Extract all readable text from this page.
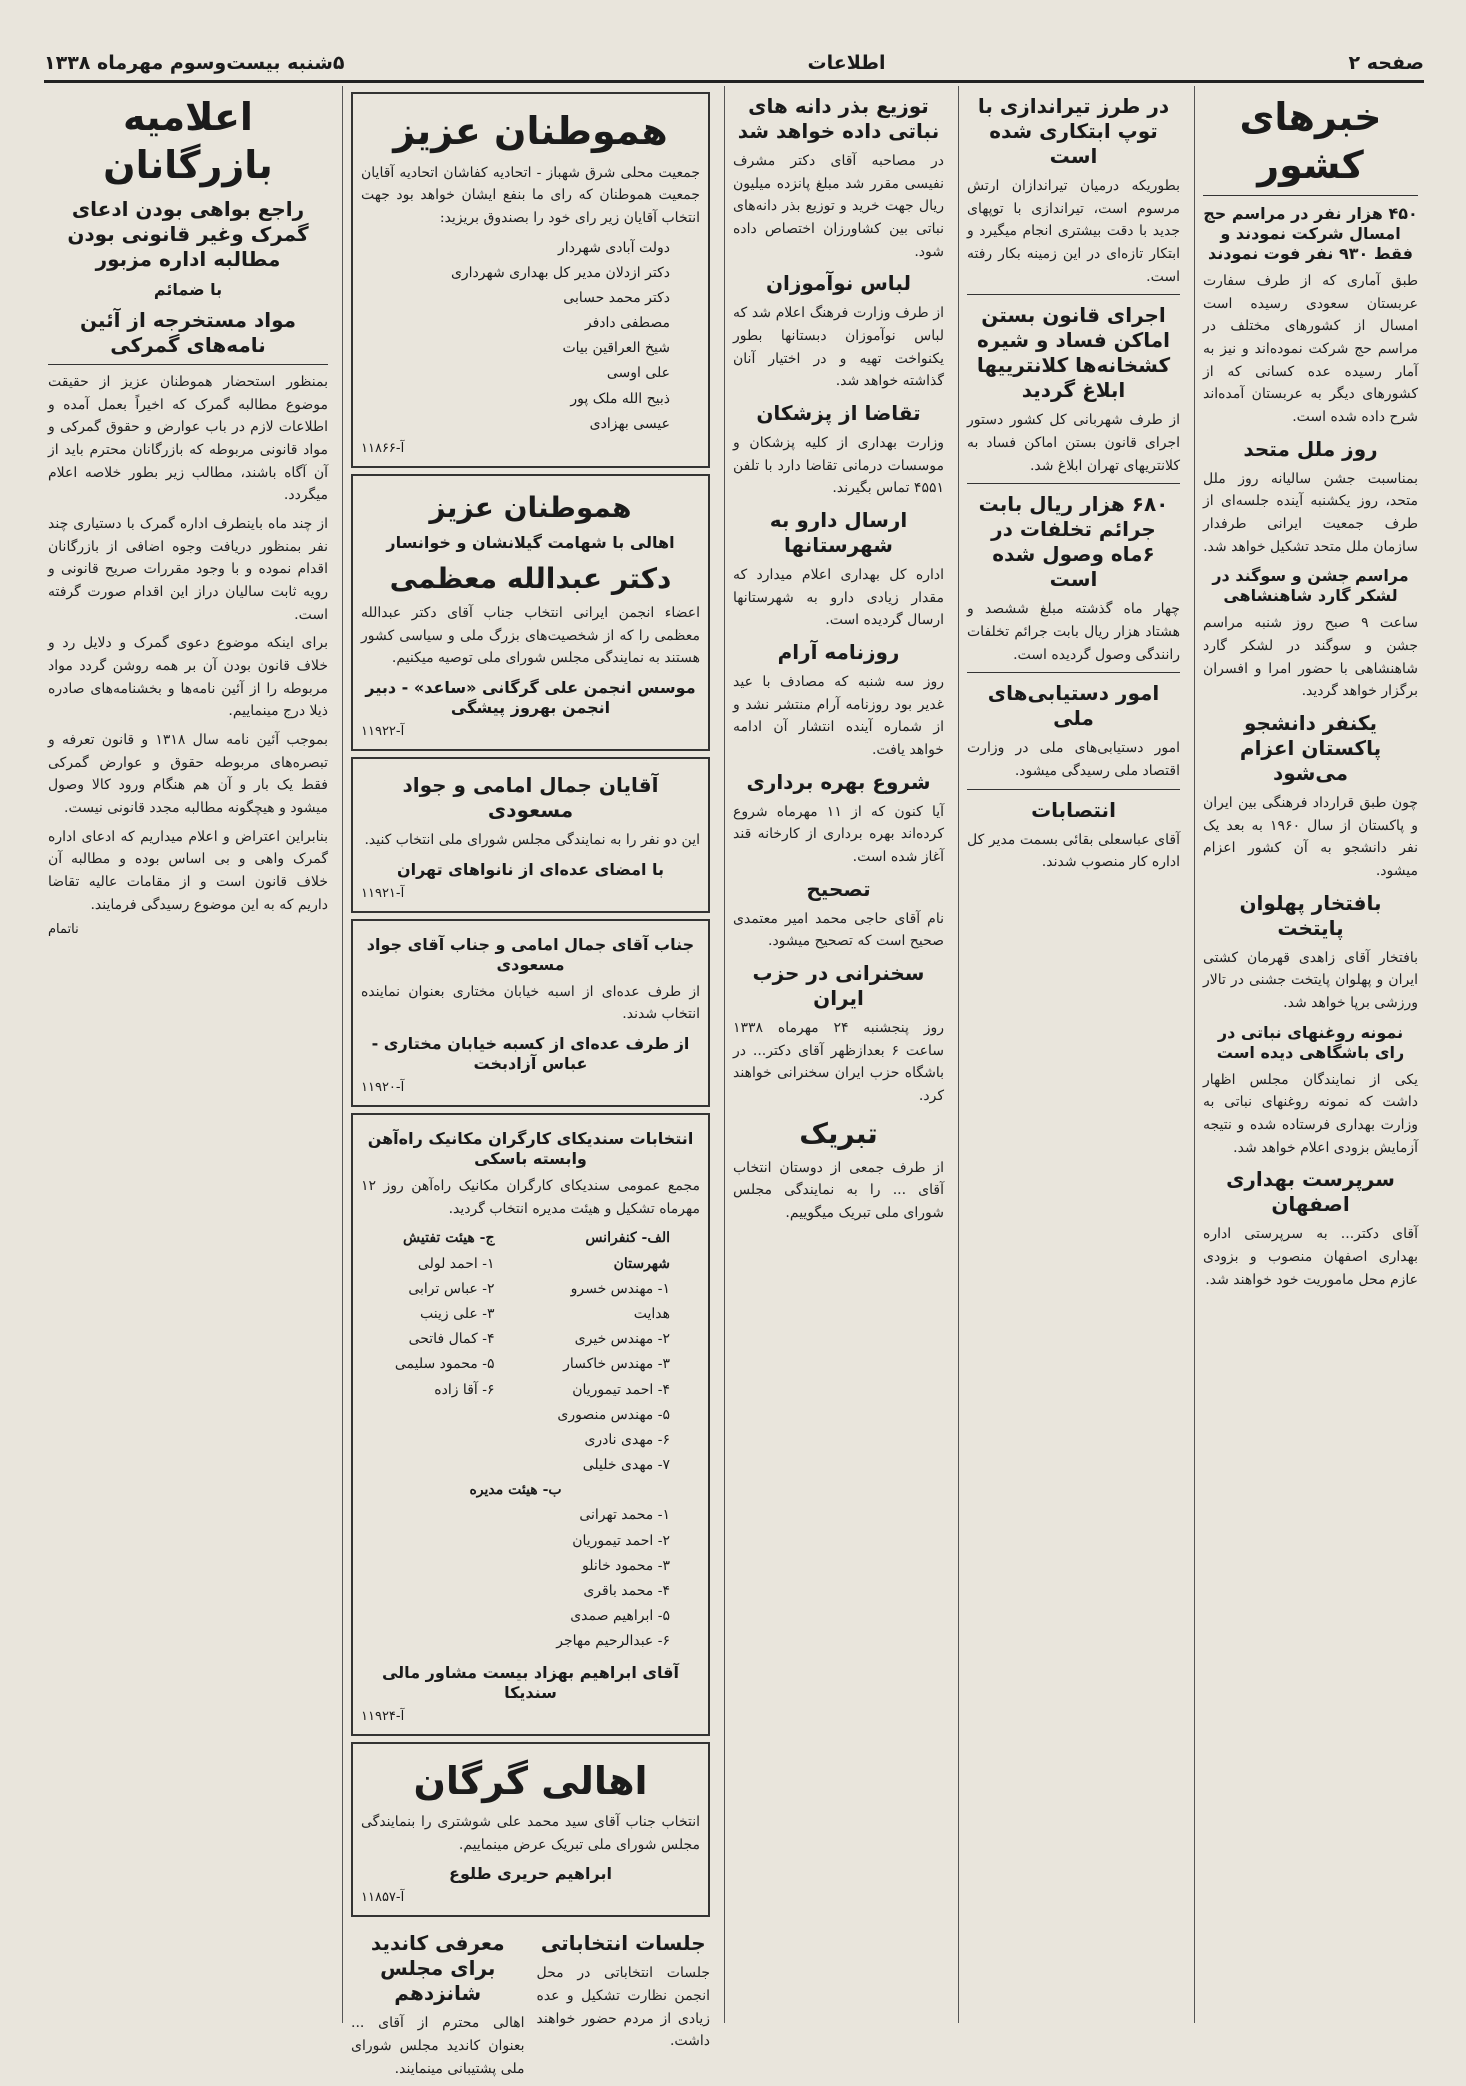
صفحه ۲
اطلاعات
۵شنبه بیست‌وسوم مهرماه ۱۳۳۸
خبرهای کشور
۴۵۰ هزار نفر در مراسم حج امسال شرکت نمودند و فقط ۹۳۰ نفر فوت نمودند

طبق آماری که از طرف سفارت عربستان سعودی رسیده است امسال از کشورهای مختلف در مراسم حج شرکت نموده‌اند و نیز به آمار رسیده عده کسانی که از کشورهای دیگر به عربستان آمده‌اند شرح داده شده است.

روز ملل متحد

بمناسبت جشن سالیانه روز ملل متحد، روز یکشنبه آینده جلسه‌ای از طرف جمعیت ایرانی طرفدار سازمان ملل متحد تشکیل خواهد شد.

مراسم جشن و سوگند در لشکر گارد شاهنشاهی

ساعت ۹ صبح روز شنبه مراسم جشن و سوگند در لشکر گارد شاهنشاهی با حضور امرا و افسران برگزار خواهد گردید.

یکنفر دانشجو پاکستان اعزام می‌شود

چون طبق قرارداد فرهنگی بین ایران و پاکستان از سال ۱۹۶۰ به بعد یک نفر دانشجو به آن کشور اعزام میشود.

بافتخار پهلوان پایتخت

بافتخار آقای زاهدی قهرمان کشتی ایران و پهلوان پایتخت جشنی در تالار ورزشی برپا خواهد شد.

نمونه روغنهای نباتی در رای باشگاهی دیده است

یکی از نمایندگان مجلس اظهار داشت که نمونه روغنهای نباتی به وزارت بهداری فرستاده شده و نتیجه آزمایش بزودی اعلام خواهد شد.

سرپرست بهداری اصفهان

آقای دکتر... به سرپرستی اداره بهداری اصفهان منصوب و بزودی عازم محل ماموریت خود خواهند شد.

در طرز تیراندازی با توپ ابتکاری شده است

بطوریکه درمیان تیراندازان ارتش مرسوم است، تیراندازی با توپهای جدید با دقت بیشتری انجام میگیرد و ابتکار تازه‌ای در این زمینه بکار رفته است.

اجرای قانون بستن اماکن فساد و شیره کشخانه‌ها کلانترییها ابلاغ گردید

از طرف شهربانی کل کشور دستور اجرای قانون بستن اماکن فساد به کلانتریهای تهران ابلاغ شد.

۶۸۰ هزار ریال بابت جرائم تخلفات در ۶ماه وصول شده است

چهار ماه گذشته مبلغ ششصد و هشتاد هزار ریال بابت جرائم تخلفات رانندگی وصول گردیده است.

امور دستیابی‌های ملی

امور دستیابی‌های ملی در وزارت اقتصاد ملی رسیدگی میشود.

انتصابات

آقای عباسعلی بقائی بسمت مدیر کل اداره کار منصوب شدند.

توزیع بذر دانه های نباتی داده خواهد شد

در مصاحبه آقای دکتر مشرف نفیسی مقرر شد مبلغ پانزده میلیون ریال جهت خرید و توزیع بذر دانه‌های نباتی بین کشاورزان اختصاص داده شود.

لباس نوآموزان

از طرف وزارت فرهنگ اعلام شد که لباس نوآموزان دبستانها بطور یکنواخت تهیه و در اختیار آنان گذاشته خواهد شد.

تقاضا از پزشکان

وزارت بهداری از کلیه پزشکان و موسسات درمانی تقاضا دارد با تلفن ۴۵۵۱ تماس بگیرند.

ارسال دارو به شهرستانها

اداره کل بهداری اعلام میدارد که مقدار زیادی دارو به شهرستانها ارسال گردیده است.

روزنامه آرام

روز سه شنبه که مصادف با عید غدیر بود روزنامه آرام منتشر نشد و از شماره آینده انتشار آن ادامه خواهد یافت.

شروع بهره برداری

آیا کنون که از ۱۱ مهرماه شروع کرده‌اند بهره برداری از کارخانه قند آغاز شده است.

تصحیح

نام آقای حاجی محمد امیر معتمدی صحیح است که تصحیح میشود.

سخنرانی در حزب ایران

روز پنجشنبه ۲۴ مهرماه ۱۳۳۸ ساعت ۶ بعدازظهر آقای دکتر... در باشگاه حزب ایران سخنرانی خواهند کرد.

تبریک

از طرف جمعی از دوستان انتخاب آقای ... را به نمایندگی مجلس شورای ملی تبریک میگوییم.

هموطنان عزیز

جمعیت محلی شرق شهباز - اتحادیه کفاشان اتحادیه آقایان جمعیت هموطنان که رای ما بنفع ایشان خواهد بود جهت انتخاب آقایان زیر رای خود را بصندوق بریزید:

دولت آبادی شهردار
دکتر ازدلان مدیر کل بهداری شهرداری
دکتر محمد حسابی
مصطفی دادفر
شیخ العراقین بیات
علی اوسی
ذبیح الله ملک پور
عیسی بهزادی
آ-۱۱۸۶۶
هموطنان عزیز
اهالی با شهامت گیلانشان و خوانسار
دکتر عبدالله معظمی

اعضاء انجمن ایرانی انتخاب جناب آقای دکتر عبدالله معظمی را که از شخصیت‌های بزرگ ملی و سیاسی کشور هستند به نمایندگی مجلس شورای ملی توصیه میکنیم.

موسس انجمن علی گرگانی «ساعد» - دبیر انجمن بهروز پیشگی
آ-۱۱۹۲۲
آقایان جمال امامی و جواد مسعودی

این دو نفر را به نمایندگی مجلس شورای ملی انتخاب کنید.

با امضای عده‌ای از نانواهای تهران
آ-۱۱۹۲۱
جناب آقای جمال امامی و جناب آقای جواد مسعودی

از طرف عده‌ای از اسبه خیابان مختاری بعنوان نماینده انتخاب شدند.

از طرف عده‌ای از کسبه خیابان مختاری - عباس آزادبخت
آ-۱۱۹۲۰
انتخابات سندیکای کارگران مکانیک راه‌آهن وابسته باسکی

مجمع عمومی سندیکای کارگران مکانیک راه‌آهن روز ۱۲ مهرماه تشکیل و هیئت مدیره انتخاب گردید.

الف- کنفرانس شهرستان
۱- مهندس خسرو هدایت
۲- مهندس خیری
۳- مهندس خاکسار
۴- احمد تیموریان
۵- مهندس منصوری
۶- مهدی نادری
۷- مهدی خلیلی
ج- هیئت تفتیش
۱- احمد لولی
۲- عباس ترابی
۳- علی زینب
۴- کمال فاتحی
۵- محمود سلیمی
۶- آقا زاده
ب- هیئت مدیره
۱- محمد تهرانی
۲- احمد تیموریان
۳- محمود خانلو
۴- محمد باقری
۵- ابراهیم صمدی
۶- عبدالرحیم مهاجر
آقای ابراهیم بهزاد بیست مشاور مالی سندیکا
آ-۱۱۹۲۴
اهالی گرگان

انتخاب جناب آقای سید محمد علی شوشتری را بنمایندگی مجلس شورای ملی تبریک عرض مینماییم.

ابراهیم حریری طلوع
آ-۱۱۸۵۷
جلسات انتخاباتی

جلسات انتخاباتی در محل انجمن نظارت تشکیل و عده زیادی از مردم حضور خواهند داشت.

معرفی کاندید برای مجلس شانزدهم

اهالی محترم از آقای ... بعنوان کاندید مجلس شورای ملی پشتیبانی مینمایند.

اعلامیه بازرگانان
راجع بواهی بودن ادعای گمرک وغیر قانونی بودن مطالبه اداره مزبور
با ضمائم
مواد مستخرجه از آئین نامه‌های گمرکی

بمنظور استحضار هموطنان عزیز از حقیقت موضوع مطالبه گمرک که اخیراً بعمل آمده و اطلاعات لازم در باب عوارض و حقوق گمرکی و مواد قانونی مربوطه که بازرگانان محترم باید از آن آگاه باشند، مطالب زیر بطور خلاصه اعلام میگردد.

از چند ماه باینطرف اداره گمرک با دستیاری چند نفر بمنظور دریافت وجوه اضافی از بازرگانان اقدام نموده و با وجود مقررات صریح قانونی و رویه ثابت سالیان دراز این اقدام صورت گرفته است.

برای اینکه موضوع دعوی گمرک و دلایل رد و خلاف قانون بودن آن بر همه روشن گردد مواد مربوطه را از آئین نامه‌ها و بخشنامه‌های صادره ذیلا درج مینماییم.

بموجب آئین نامه سال ۱۳۱۸ و قانون تعرفه و تبصره‌های مربوطه حقوق و عوارض گمرکی فقط یک بار و آن هم هنگام ورود کالا وصول میشود و هیچگونه مطالبه مجدد قانونی نیست.

بنابراین اعتراض و اعلام میداریم که ادعای اداره گمرک واهی و بی اساس بوده و مطالبه آن خلاف قانون است و از مقامات عالیه تقاضا داریم که به این موضوع رسیدگی فرمایند.

ناتمام
